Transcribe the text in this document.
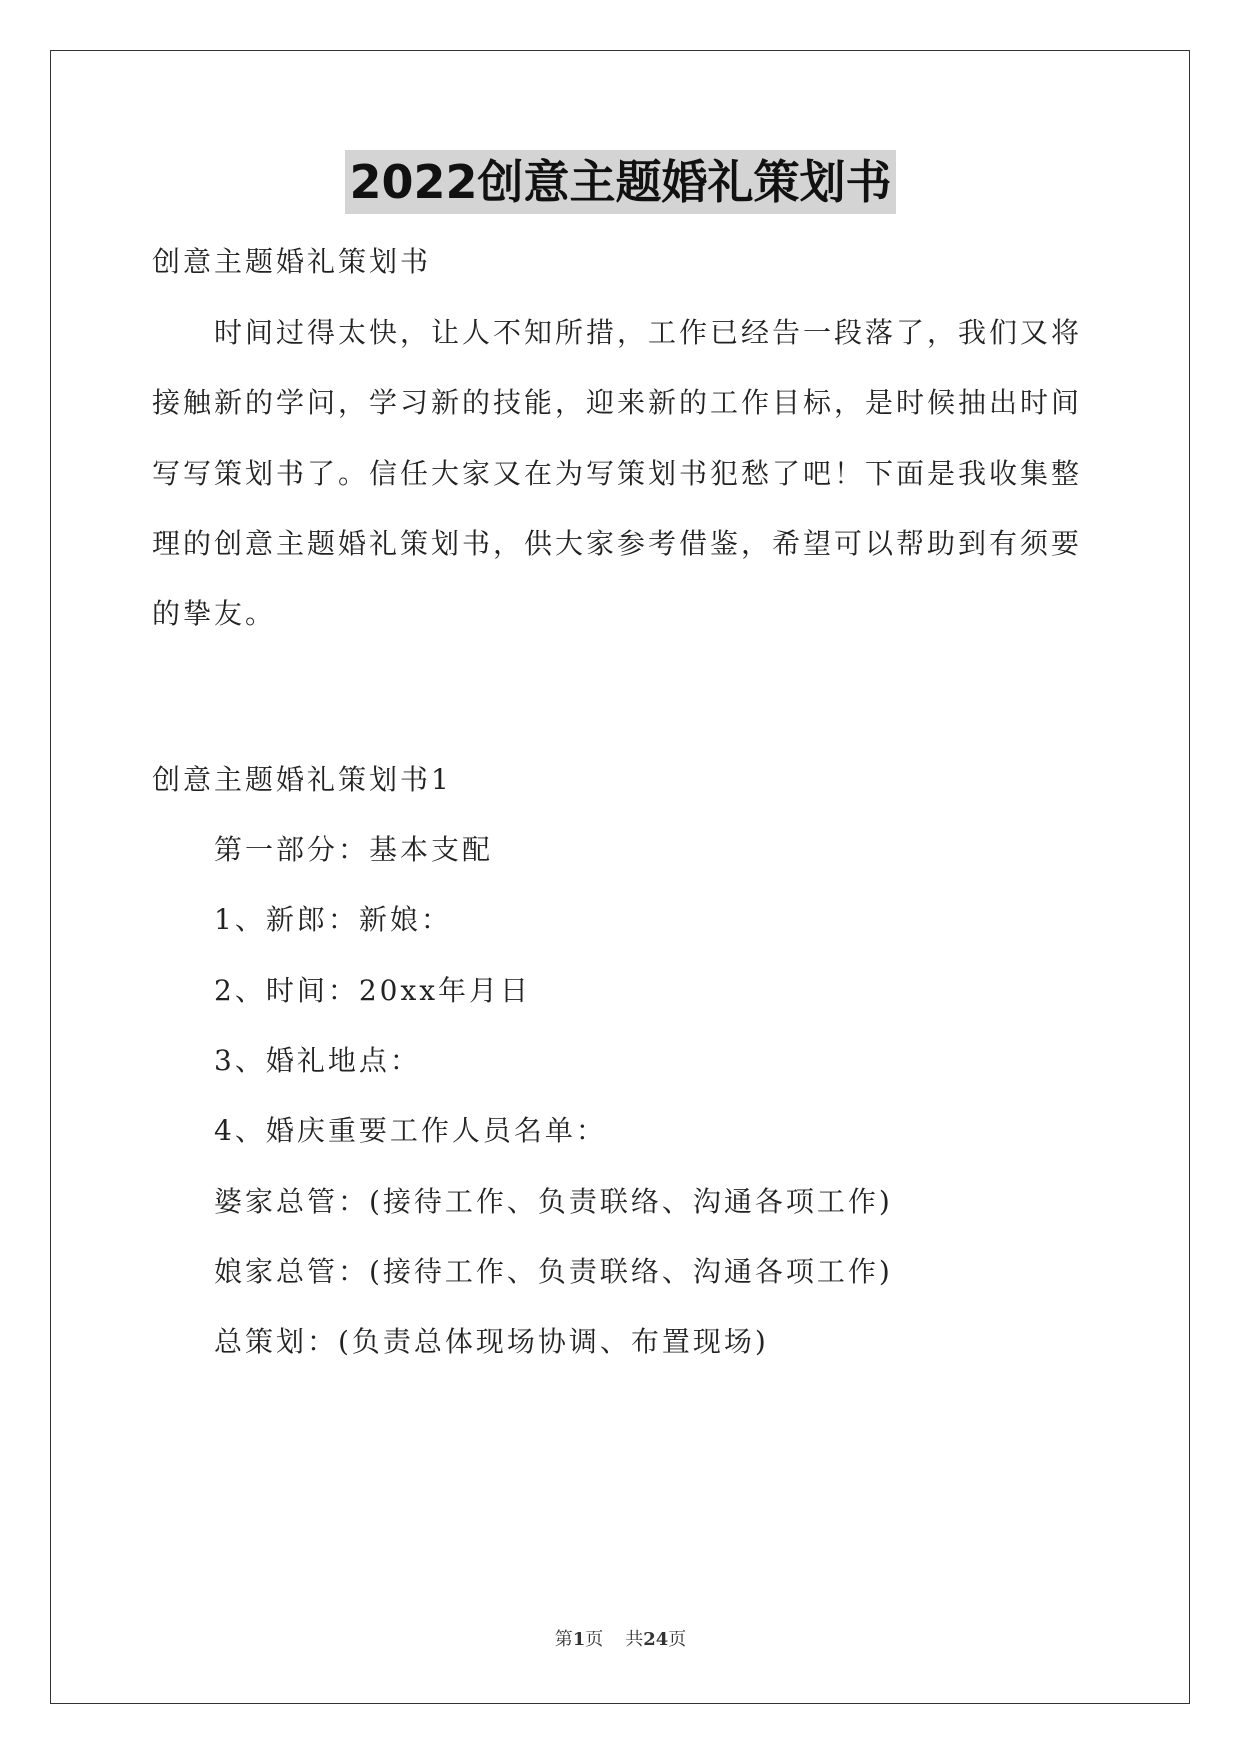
2022创意主题婚礼策划书
创意主题婚礼策划书
时间过得太快，让人不知所措，工作已经告一段落了，我们又将
接触新的学问，学习新的技能，迎来新的工作目标，是时候抽出时间
写写策划书了。信任大家又在为写策划书犯愁了吧！下面是我收集整
理的创意主题婚礼策划书，供大家参考借鉴，希望可以帮助到有须要
的挚友。
创意主题婚礼策划书1
第一部分：基本支配
1、新郎：新娘：
2、时间：20xx年月日
3、婚礼地点：
4、婚庆重要工作人员名单：
婆家总管：(接待工作、负责联络、沟通各项工作)
娘家总管：(接待工作、负责联络、沟通各项工作)
总策划：(负责总体现场协调、布置现场)
第1页 共24页
